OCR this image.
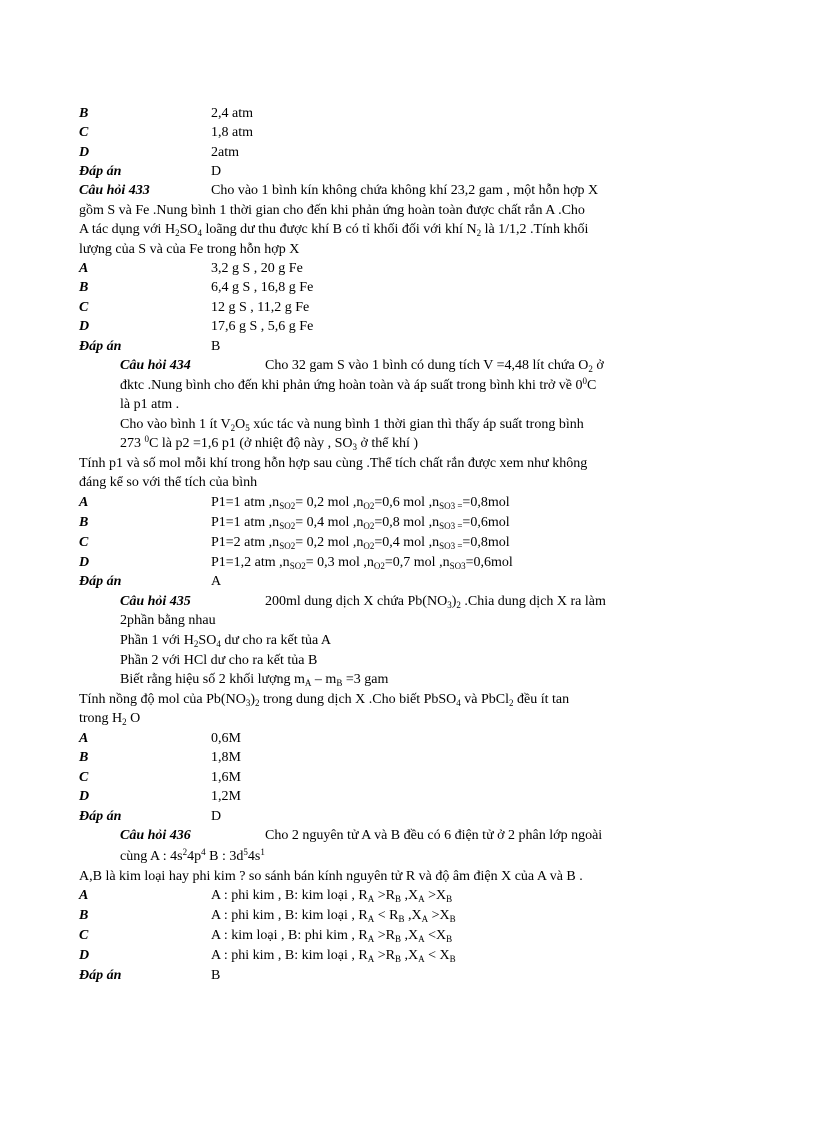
B	2,4 atm
C	1,8 atm
D	2atm
Đáp án	D
Câu hỏi 433	Cho vào 1 bình kín không chứa không khí 23,2 gam , một hỗn hợp X
gồm S và Fe .Nung bình 1 thời gian cho đến khi phản ứng hoàn toàn được chất rắn A .Cho
A tác dụng với $H_2SO_4$ loãng dư thu được khí B có tỉ khối đối với khí $N_2$ là 1/1,2 .Tính khối
lượng của S và của Fe trong hỗn hợp X
A	3,2 g S , 20 g Fe
B	6,4 g S , 16,8 g Fe
C	12 g S , 11,2 g Fe
D	17,6 g S , 5,6 g Fe
Đáp án	B
Câu hỏi 434	Cho 32 gam S vào 1 bình có dung tích V =4,48 lít chứa $O_2$ ở
đktc .Nung bình cho đến khi phản ứng hoàn toàn và áp suất trong bình khi trở về $0^0C$
là p1 atm .
Cho vào bình 1 ít $V_2O_5$ xúc tác và nung bình 1 thời gian thì thấy áp suất trong bình
273 $^0$C là p2 =1,6 p1 (ở nhiệt độ này , $SO_3$ ở thể khí )
Tính p1 và số mol mỗi khí trong hỗn hợp sau cùng .Thể tích chất rắn được xem như không
đáng kể so với thể tích của bình
A	P1=1 atm $,n_{SO2}= 0,2$ mol $,n_{O2}=0,6$ mol $,n_{SO3 =}=0,8mol$
B	P1=1 atm $,n_{SO2}= 0,4$ mol $,n_{O2}=0,8$ mol $,n_{SO3 =}=0,6mol$
C	P1=2 atm $,n_{SO2}= 0,2$ mol $,n_{O2}=0,4$ mol $,n_{SO3 =}=0,8mol$
D	P1=1,2 atm $,n_{SO2}= 0,3$ mol $,n_{O2}=0,7$ mol $,n_{SO3}=0,6mol$
Đáp án	A
Câu hỏi 435	200ml dung dịch X chứa $Pb(NO_3)_2$ .Chia dung dịch X ra làm
2phần bằng nhau
Phần 1 với $H_2SO_4$ dư cho ra kết tủa A
Phần 2 với HCl dư cho ra kết tủa B
Biết rằng hiệu số 2 khối lượng $m_A - m_B =3$ gam
Tính nồng độ mol của $Pb(NO_3)_2$ trong dung dịch X .Cho biết PbSO$_4$ và PbCl$_2$ đều ít tan
trong $H_2$ O
A	0,6M
B	1,8M
C	1,6M
D	1,2M
Đáp án	D
Câu hỏi 436	Cho 2 nguyên tử A và B đều có 6 điện tử ở 2 phân lớp ngoài
cùng A : $4s^24p^4$ B : $3d^54s^1$
A,B là kim loại hay phi kim ? so sánh bán kính nguyên tử R và độ âm điện X của A và B .
A	A : phi kim , B: kim loại , $R_A >R_B$ $,X_A >X_B$
B	A : phi kim , B: kim loại , $R_A < R_B$ $,X_A >X_B$
C	A : kim loại , B: phi kim , $R_A >R_B$ $,X_A <X_B$
D	A : phi kim , B: kim loại , $R_A >R_B$ $,X_A < X_B$
Đáp án	B
